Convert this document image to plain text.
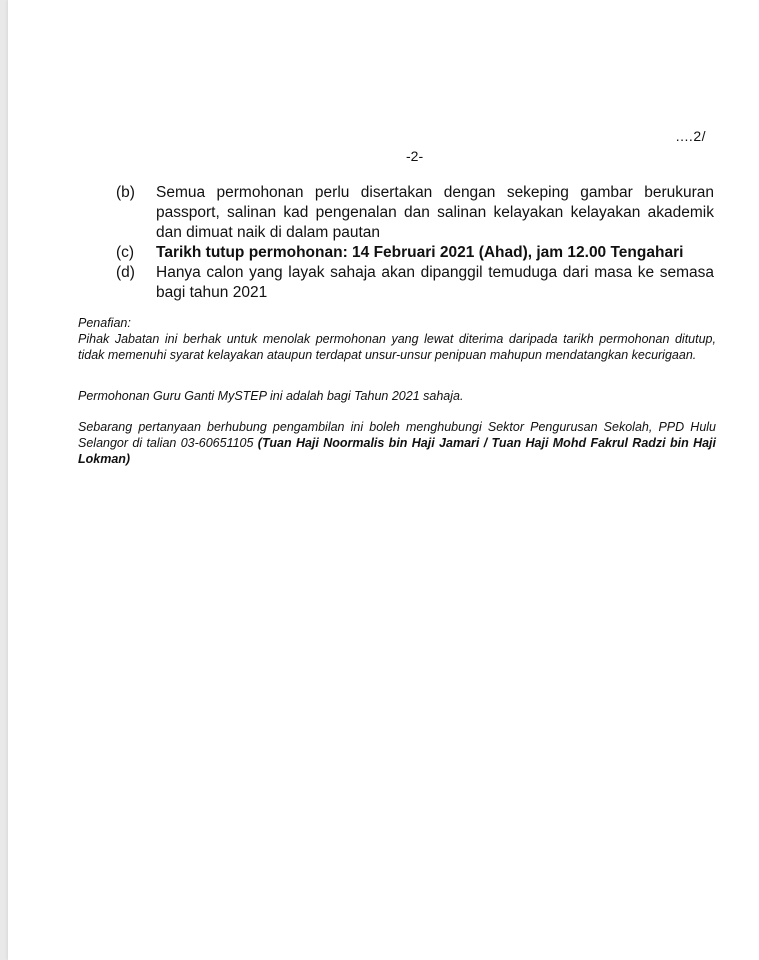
....2/
-2-
(b)	Semua permohonan perlu disertakan dengan sekeping gambar berukuran passport, salinan kad pengenalan dan salinan kelayakan kelayakan akademik dan dimuat naik di dalam pautan
(c)	Tarikh tutup permohonan: 14 Februari 2021 (Ahad), jam 12.00 Tengahari
(d)	Hanya calon yang layak sahaja akan dipanggil temuduga dari masa ke semasa bagi tahun 2021
Penafian:
Pihak Jabatan ini berhak untuk menolak permohonan yang lewat diterima daripada tarikh permohonan ditutup, tidak memenuhi syarat kelayakan ataupun terdapat unsur-unsur penipuan mahupun mendatangkan kecurigaan.
Permohonan Guru Ganti MySTEP ini adalah bagi Tahun 2021 sahaja.
Sebarang pertanyaan berhubung pengambilan ini boleh menghubungi Sektor Pengurusan Sekolah, PPD Hulu Selangor di talian 03-60651105 (Tuan Haji Noormalis bin Haji Jamari / Tuan Haji Mohd Fakrul Radzi bin Haji Lokman)
